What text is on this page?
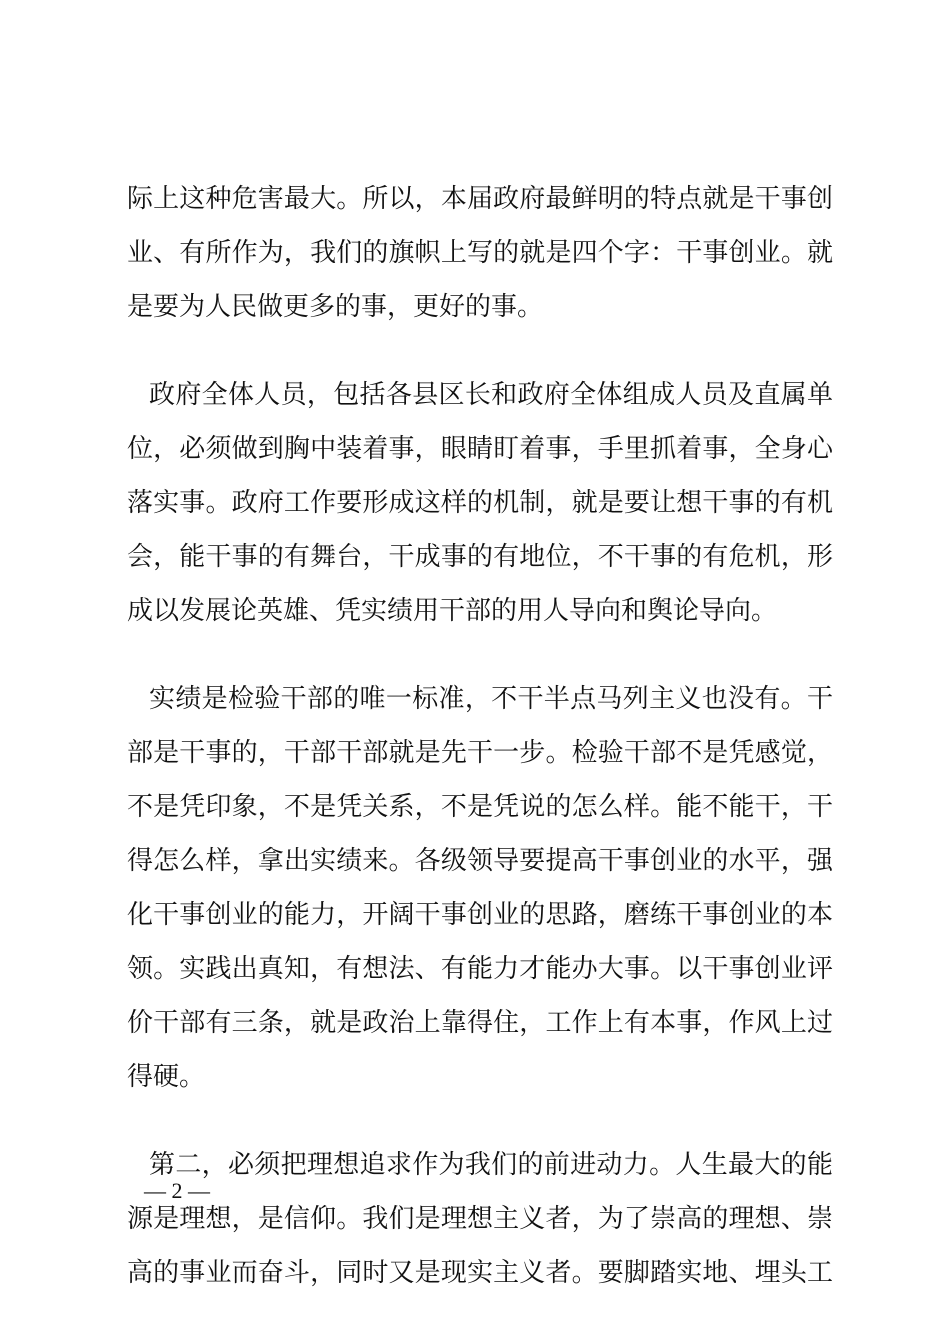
际上这种危害最大。所以，本届政府最鲜明的特点就是干事创
业、有所作为，我们的旗帜上写的就是四个字：干事创业。就
是要为人民做更多的事，更好的事。
政府全体人员，包括各县区长和政府全体组成人员及直属单
位，必须做到胸中装着事，眼睛盯着事，手里抓着事，全身心
落实事。政府工作要形成这样的机制，就是要让想干事的有机
会，能干事的有舞台，干成事的有地位，不干事的有危机，形
成以发展论英雄、凭实绩用干部的用人导向和舆论导向。
实绩是检验干部的唯一标准，不干半点马列主义也没有。干
部是干事的，干部干部就是先干一步。检验干部不是凭感觉，
不是凭印象，不是凭关系，不是凭说的怎么样。能不能干，干
得怎么样，拿出实绩来。各级领导要提高干事创业的水平，强
化干事创业的能力，开阔干事创业的思路，磨练干事创业的本
领。实践出真知，有想法、有能力才能办大事。以干事创业评
价干部有三条，就是政治上靠得住，工作上有本事，作风上过
得硬。
第二，必须把理想追求作为我们的前进动力。人生最大的能
源是理想，是信仰。我们是理想主义者，为了崇高的理想、崇
高的事业而奋斗，同时又是现实主义者。要脚踏实地、埋头工
— 2 —
